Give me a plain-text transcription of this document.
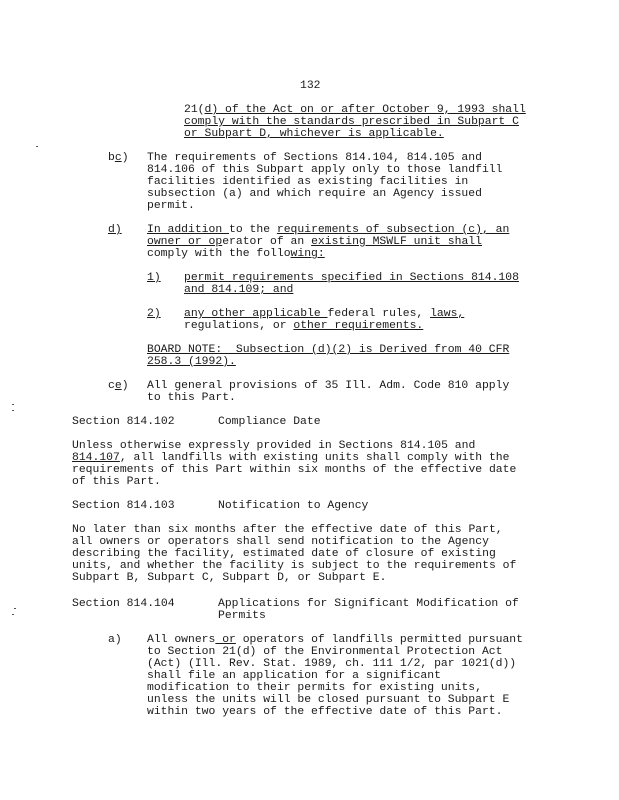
132
21(d) of the Act on or after October 9, 1993 shall
comply with the standards prescribed in Subpart C
or Subpart D, whichever is applicable.
bc) The requirements of Sections 814.104, 814.105 and
814.106 of this Subpart apply only to those landfill
facilities identified as existing facilities in
subsection (a) and which require an Agency issued
permit.
d) In addition to the requirements of subsection (c), an
owner or operator of an existing MSWLF unit shall
comply with the following:
1) permit requirements specified in Sections 814.108
and 814.109; and
2) any other applicable federal rules, laws,
regulations, or other requirements.
BOARD NOTE:  Subsection (d)(2) is Derived from 40 CFR
258.3 (1992).
ce) All general provisions of 35 Ill. Adm. Code 810 apply
to this Part.
Section 814.102	Compliance Date
Unless otherwise expressly provided in Sections 814.105 and
814.107, all landfills with existing units shall comply with the
requirements of this Part within six months of the effective date
of this Part.
Section 814.103	Notification to Agency
No later than six months after the effective date of this Part,
all owners or operators shall send notification to the Agency
describing the facility, estimated date of closure of existing
units, and whether the facility is subject to the requirements of
Subpart B, Subpart C, Subpart D, or Subpart E.
Section 814.104	Applications for Significant Modification of
Permits
a) All owners or operators of landfills permitted pursuant
to Section 21(d) of the Environmental Protection Act
(Act) (Ill. Rev. Stat. 1989, ch. 111 1/2, par 1021(d))
shall file an application for a significant
modification to their permits for existing units,
unless the units will be closed pursuant to Subpart E
within two years of the effective date of this Part.
